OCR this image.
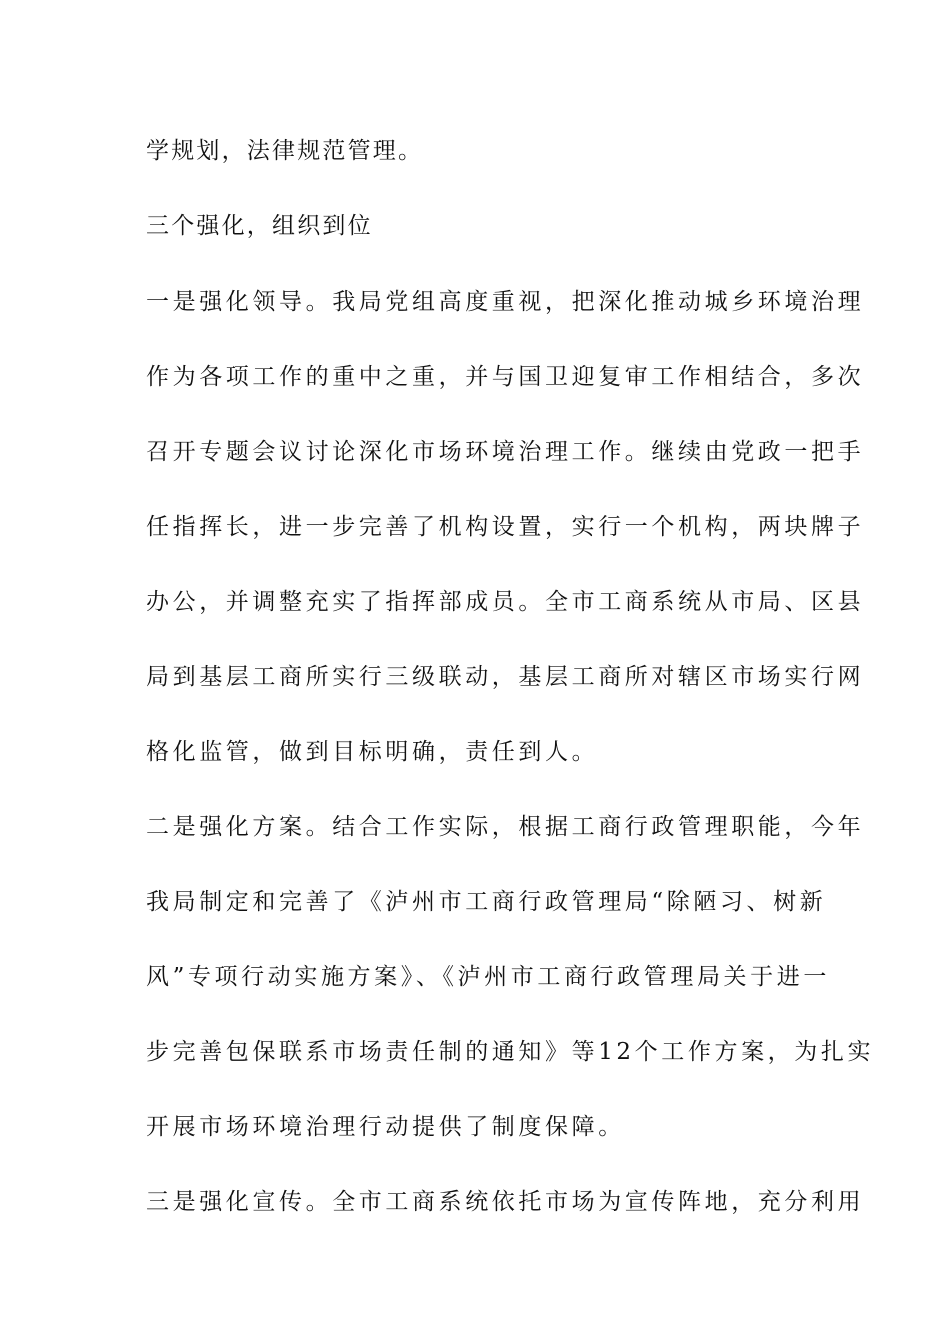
学规划，法律规范管理。
三个强化，组织到位
一是强化领导。我局党组高度重视，把深化推动城乡环境治理
作为各项工作的重中之重，并与国卫迎复审工作相结合，多次
召开专题会议讨论深化市场环境治理工作。继续由党政一把手
任指挥长，进一步完善了机构设置，实行一个机构，两块牌子
办公，并调整充实了指挥部成员。全市工商系统从市局、区县
局到基层工商所实行三级联动，基层工商所对辖区市场实行网
格化监管，做到目标明确，责任到人。
二是强化方案。结合工作实际，根据工商行政管理职能，今年
我局制定和完善了《泸州市工商行政管理局“除陋习、树新
风”专项行动实施方案》、《泸州市工商行政管理局关于进一
步完善包保联系市场责任制的通知》等12个工作方案，为扎实
开展市场环境治理行动提供了制度保障。
三是强化宣传。全市工商系统依托市场为宣传阵地，充分利用
